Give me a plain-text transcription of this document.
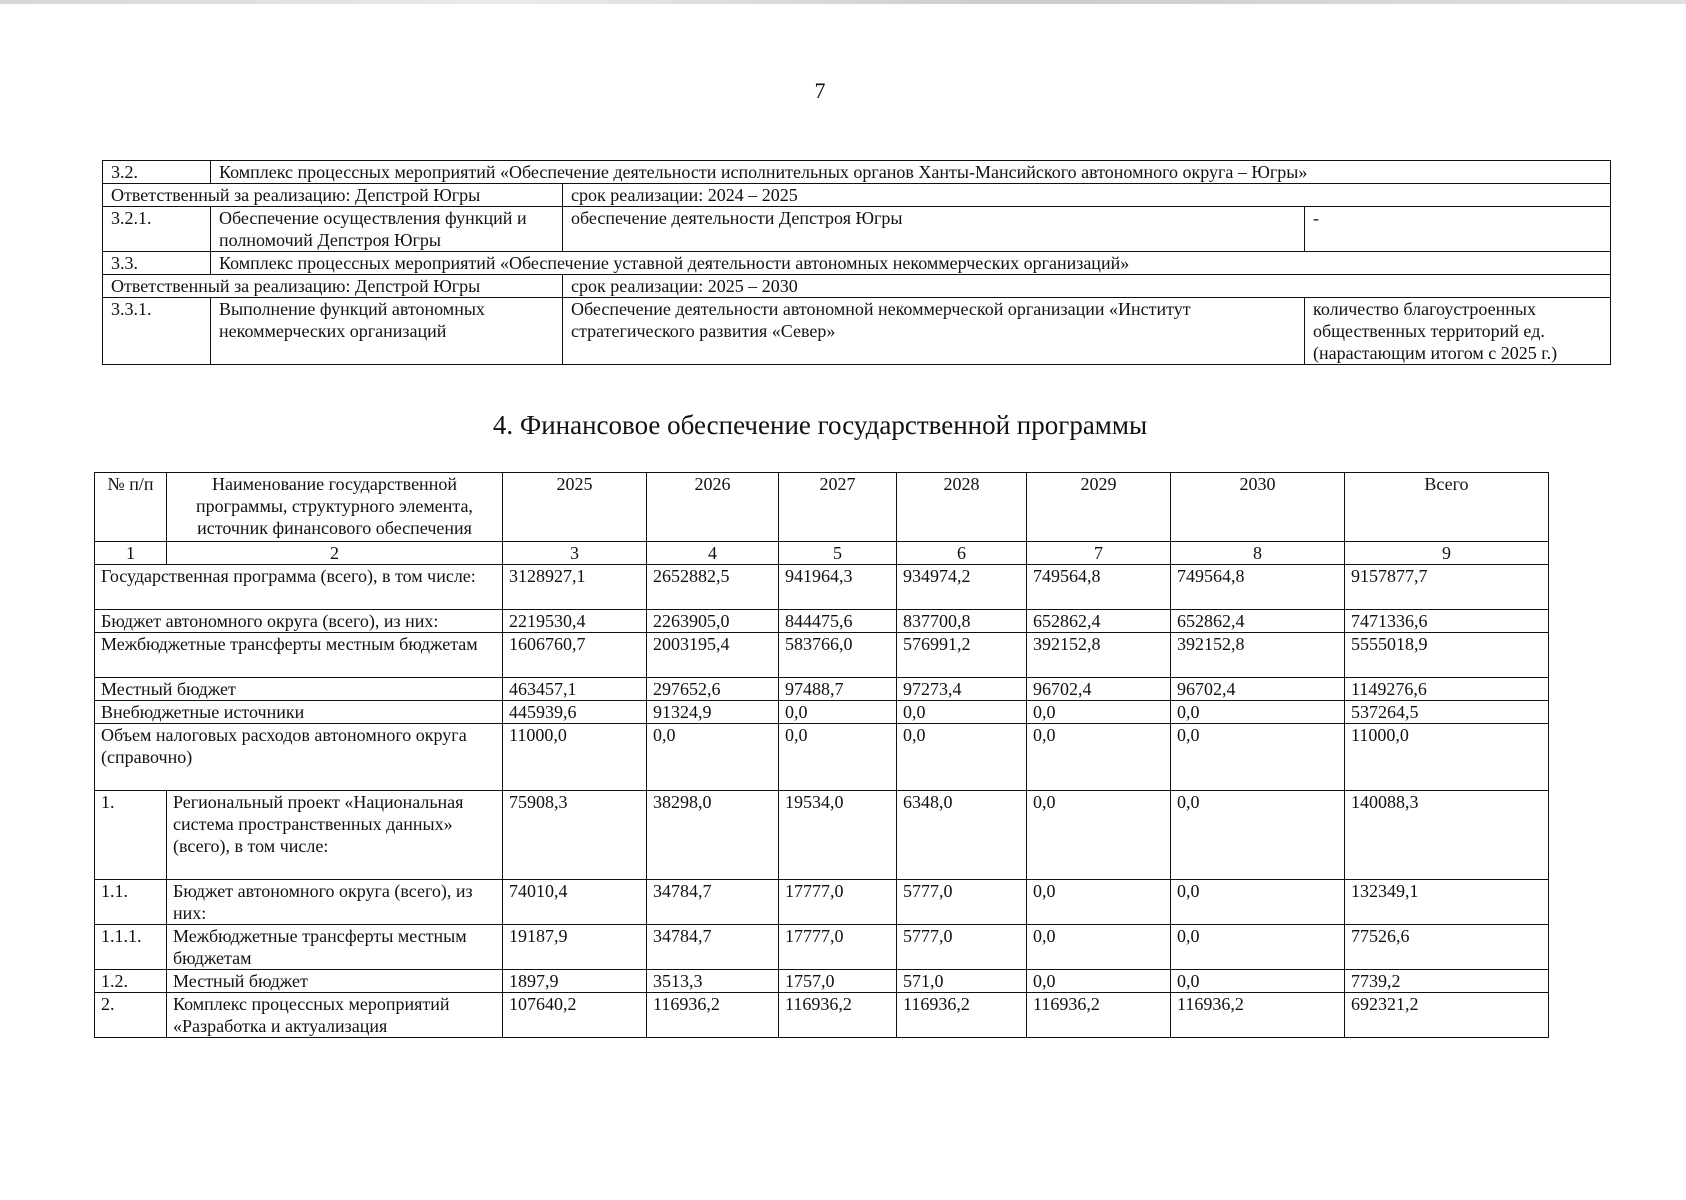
7
3.2.	Комплекс процессных мероприятий «Обеспечение деятельности исполнительных органов Ханты-Мансийского автономного округа – Югры»		
Ответственный за реализацию: Депстрой Югры		срок реализации: 2024 – 2025	
3.2.1.	Обеспечение осуществления функций и полномочий Депстроя Югры	обеспечение деятельности Депстроя Югры	-
3.3.	Комплекс процессных мероприятий «Обеспечение уставной деятельности автономных некоммерческих организаций»		
Ответственный за реализацию: Депстрой Югры		срок реализации: 2025 – 2030	
3.3.1.	Выполнение функций автономных некоммерческих организаций	Обеспечение деятельности автономной некоммерческой организации «Институт стратегического развития «Север»	количество благоустроенных общественных территорий ед. (нарастающим итогом с 2025 г.)
4. Финансовое обеспечение государственной программы
№ п/п	Наименование государственной программы, структурного элемента, источник финансового обеспечения	2025	2026	2027	2028	2029	2030	Всего
1	2	3	4	5	6	7	8	9
Государственная программа (всего), в том числе:		3128927,1	2652882,5	941964,3	934974,2	749564,8	749564,8	9157877,7
Бюджет автономного округа (всего), из них:		2219530,4	2263905,0	844475,6	837700,8	652862,4	652862,4	7471336,6
Межбюджетные трансферты местным бюджетам		1606760,7	2003195,4	583766,0	576991,2	392152,8	392152,8	5555018,9
Местный бюджет		463457,1	297652,6	97488,7	97273,4	96702,4	96702,4	1149276,6
Внебюджетные источники		445939,6	91324,9	0,0	0,0	0,0	0,0	537264,5
Объем налоговых расходов автономного округа (справочно)		11000,0	0,0	0,0	0,0	0,0	0,0	11000,0
1.	Региональный проект «Национальная система пространственных данных» (всего), в том числе:	75908,3	38298,0	19534,0	6348,0	0,0	0,0	140088,3
1.1.	Бюджет автономного округа (всего), из них:	74010,4	34784,7	17777,0	5777,0	0,0	0,0	132349,1
1.1.1.	Межбюджетные трансферты местным бюджетам	19187,9	34784,7	17777,0	5777,0	0,0	0,0	77526,6
1.2.	Местный бюджет	1897,9	3513,3	1757,0	571,0	0,0	0,0	7739,2
2.	Комплекс процессных мероприятий «Разработка и актуализация	107640,2	116936,2	116936,2	116936,2	116936,2	116936,2	692321,2
